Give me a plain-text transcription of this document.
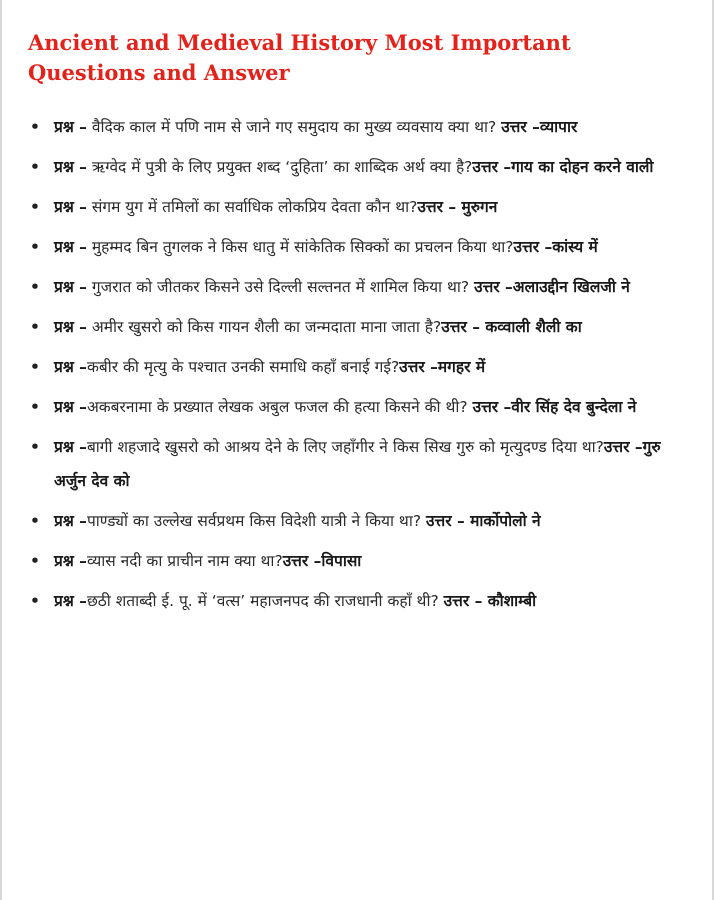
Ancient and Medieval History Most Important Questions and Answer
• प्रश्न – वैदिक काल में पणि नाम से जाने गए समुदाय का मुख्य व्यवसाय क्या था? उत्तर –व्यापार
• प्रश्न – ऋग्वेद में पुत्री के लिए प्रयुक्त शब्द ‘दुहिता’ का शाब्दिक अर्थ क्या है?उत्तर –गाय का दोहन करने वाली
• प्रश्न – संगम युग में तमिलों का सर्वाधिक लोकप्रिय देवता कौन था?उत्तर – मुरुगन
• प्रश्न – मुहम्मद बिन तुगलक ने किस धातु में सांकेतिक सिक्कों का प्रचलन किया था?उत्तर –कांस्य में
• प्रश्न – गुजरात को जीतकर किसने उसे दिल्ली सल्तनत में शामिल किया था? उत्तर –अलाउद्दीन खिलजी ने
• प्रश्न – अमीर खुसरो को किस गायन शैली का जन्मदाता माना जाता है?उत्तर – कव्वाली शैली का
• प्रश्न –कबीर की मृत्यु के पश्चात उनकी समाधि कहाँ बनाई गई?उत्तर –मगहर में
• प्रश्न –अकबरनामा के प्रख्यात लेखक अबुल फजल की हत्या किसने की थी? उत्तर –वीर सिंह देव बुन्देला ने
• प्रश्न –बागी शहजादे खुसरो को आश्रय देने के लिए जहाँगीर ने किस सिख गुरु को मृत्युदण्ड दिया था?उत्तर –गुरु अर्जुन देव को
• प्रश्न –पाण्ड्यों का उल्लेख सर्वप्रथम किस विदेशी यात्री ने किया था? उत्तर – मार्कोपोलो ने
• प्रश्न –व्यास नदी का प्राचीन नाम क्या था?उत्तर –विपासा
• प्रश्न –छठी शताब्दी ई. पू. में ‘वत्स’ महाजनपद की राजधानी कहाँ थी? उत्तर – कौशाम्बी
